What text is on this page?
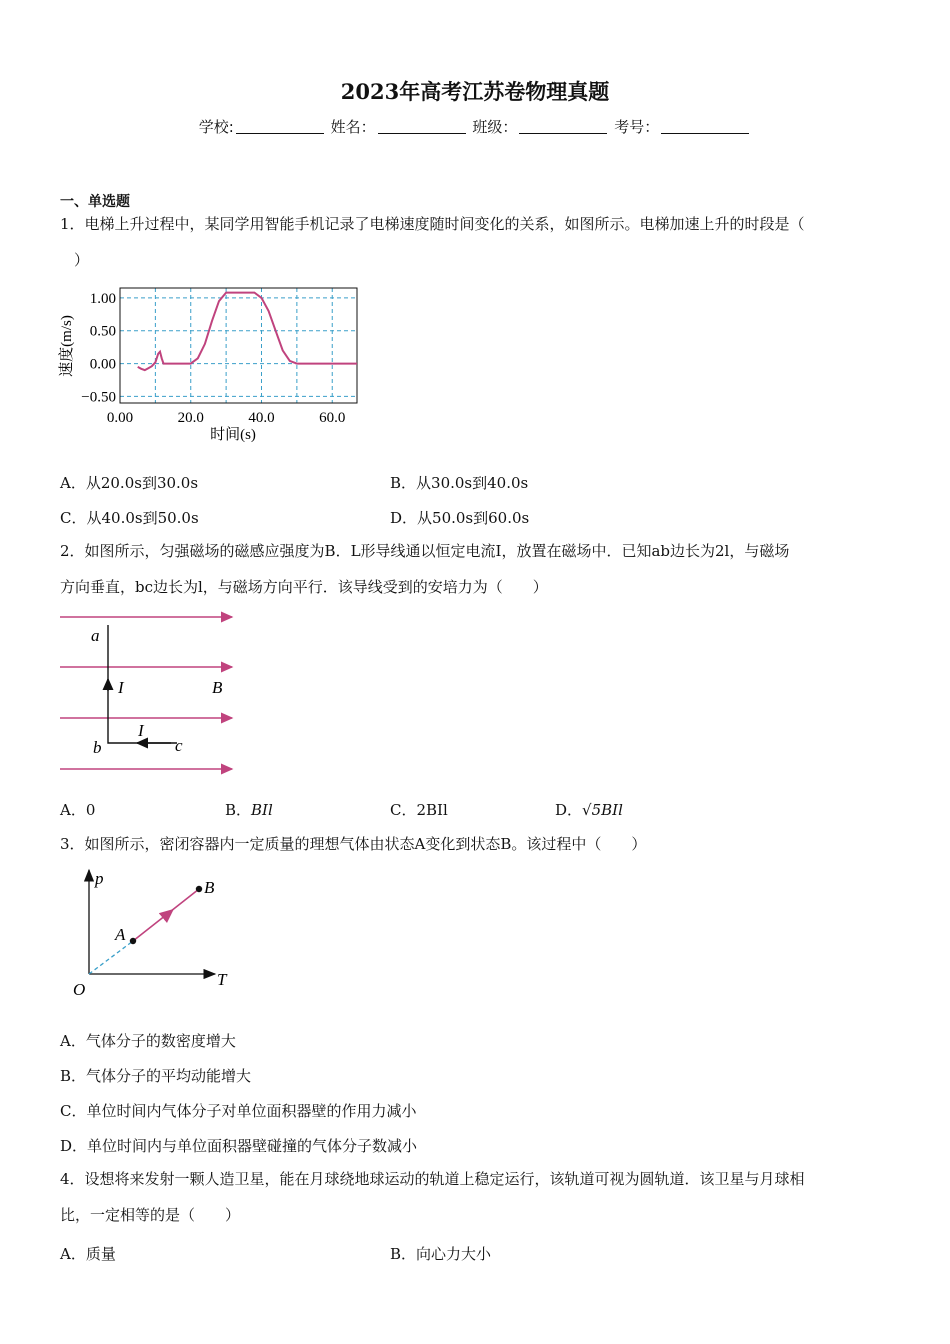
2023年高考江苏卷物理真题
学校:	姓名：	班级：	考号：
一、单选题
1．电梯上升过程中，某同学用智能手机记录了电梯速度随时间变化的关系，如图所示。电梯加速上升的时段是（
）
1.00
0.50
0.00
−0.50
0.00	20.0	40.0	60.0
时间(s)
速度(m/s)
A．从20.0s到30.0s	B．从30.0s到40.0s
C．从40.0s到50.0s	D．从50.0s到60.0s
2．如图所示，匀强磁场的磁感应强度为B．L形导线通以恒定电流I，放置在磁场中．已知ab边长为2l，与磁场
方向垂直，bc边长为l，与磁场方向平行．该导线受到的安培力为（　　）
a
b	c
I
I
B
A．0	B．BIl	C．2BIl	D．√5BIl
3．如图所示，密闭容器内一定质量的理想气体由状态A变化到状态B。该过程中（　　）
p
T
O
A
B
A．气体分子的数密度增大
B．气体分子的平均动能增大
C．单位时间内气体分子对单位面积器壁的作用力减小
D．单位时间内与单位面积器壁碰撞的气体分子数减小
4．设想将来发射一颗人造卫星，能在月球绕地球运动的轨道上稳定运行，该轨道可视为圆轨道．该卫星与月球相
比，一定相等的是（　　）
A．质量	B．向心力大小
